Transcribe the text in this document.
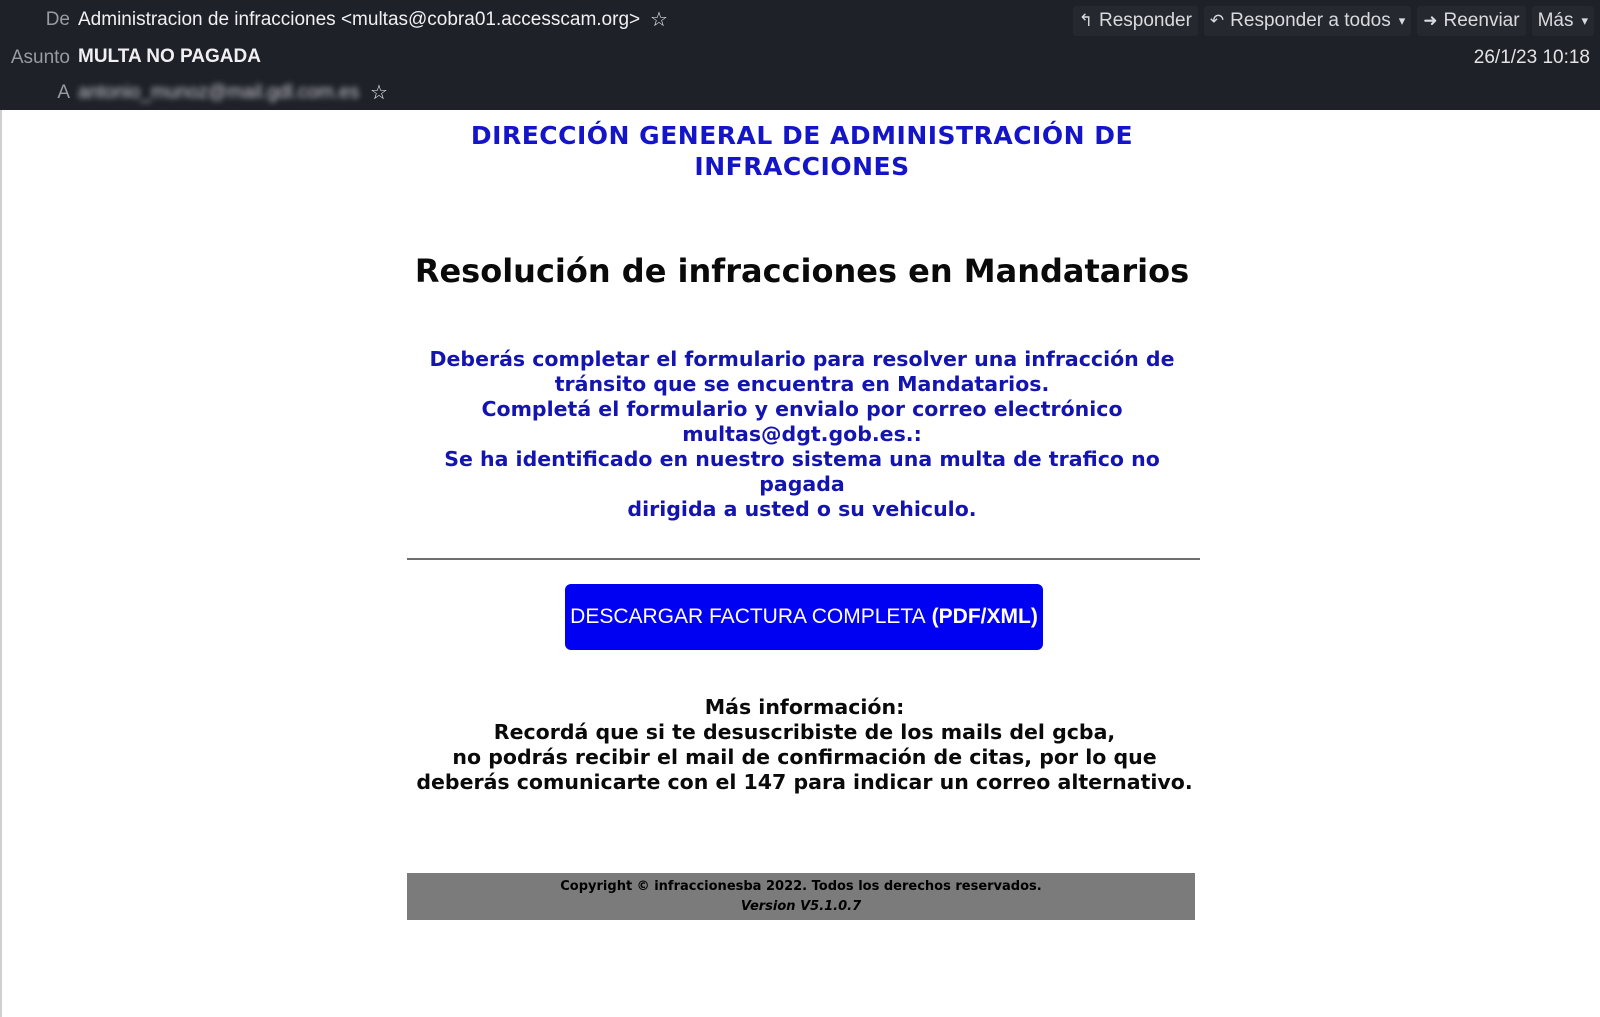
De Administracion de infracciones <multas@cobra01.accesscam.org> ☆
Asunto MULTA NO PAGADA
A antonio_munoz@mail.gdl.com.es ☆
↰ Responder ↶ Responder a todos ▾ ➜ Reenviar Más ▾
26/1/23 10:18
DIRECCIÓN GENERAL DE ADMINISTRACIÓN DE
INFRACCIONES
Resolución de infracciones en Mandatarios

Deberás completar el formulario para resolver una infracción de tránsito que se encuentra en Mandatarios.

Completá el formulario y envialo por correo electrónico multas@dgt.gob.es.:

Se ha identificado en nuestro sistema una multa de trafico no pagada

dirigida a usted o su vehiculo.

DESCARGAR FACTURA COMPLETA (PDF/XML)

Más información:

Recordá que si te desuscribiste de los mails del gcba,

no podrás recibir el mail de confirmación de citas, por lo que deberás comunicarte con el 147 para indicar un correo alternativo.

Copyright © infraccionesba 2022. Todos los derechos reservados.
Version V5.1.0.7
